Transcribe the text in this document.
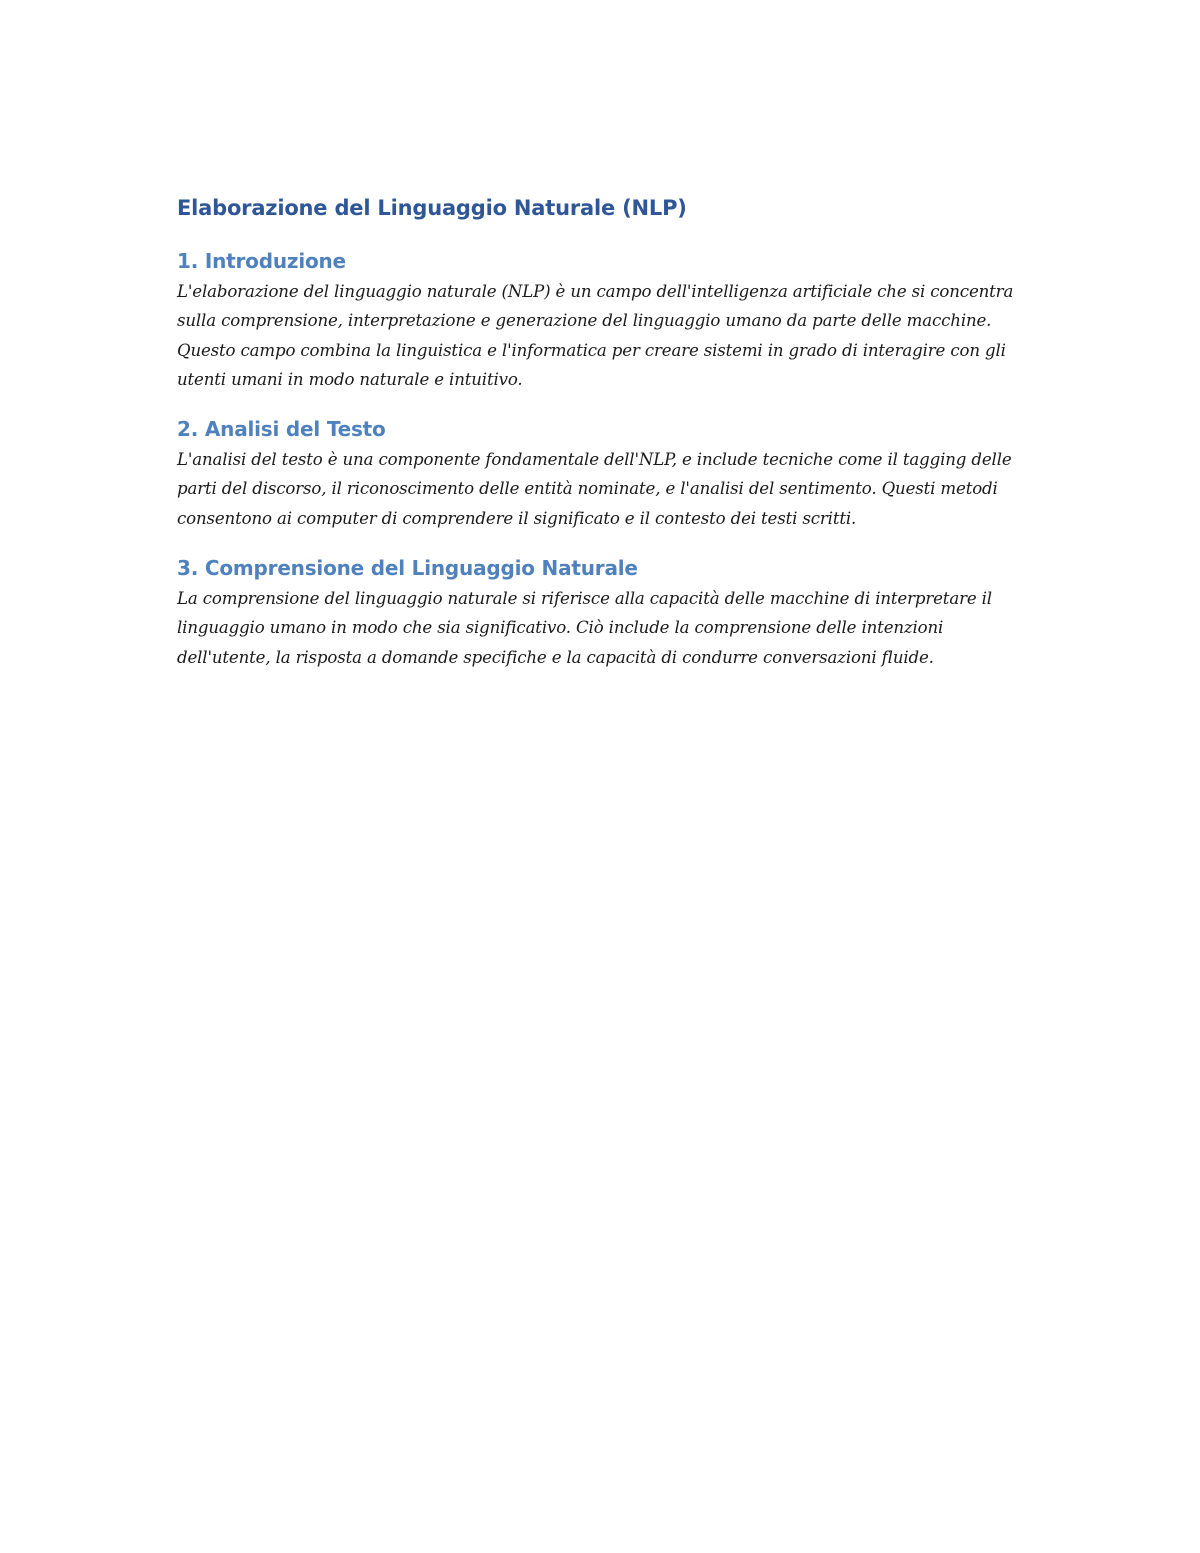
Elaborazione del Linguaggio Naturale (NLP)
1. Introduzione

L'elaborazione del linguaggio naturale (NLP) è un campo dell'intelligenza artificiale che si concentra sulla comprensione, interpretazione e generazione del linguaggio umano da parte delle macchine. Questo campo combina la linguistica e l'informatica per creare sistemi in grado di interagire con gli utenti umani in modo naturale e intuitivo.

2. Analisi del Testo

L'analisi del testo è una componente fondamentale dell'NLP, e include tecniche come il tagging delle parti del discorso, il riconoscimento delle entità nominate, e l'analisi del sentimento. Questi metodi consentono ai computer di comprendere il significato e il contesto dei testi scritti.

3. Comprensione del Linguaggio Naturale

La comprensione del linguaggio naturale si riferisce alla capacità delle macchine di interpretare il linguaggio umano in modo che sia significativo. Ciò include la comprensione delle intenzioni dell'utente, la risposta a domande specifiche e la capacità di condurre conversazioni fluide.
